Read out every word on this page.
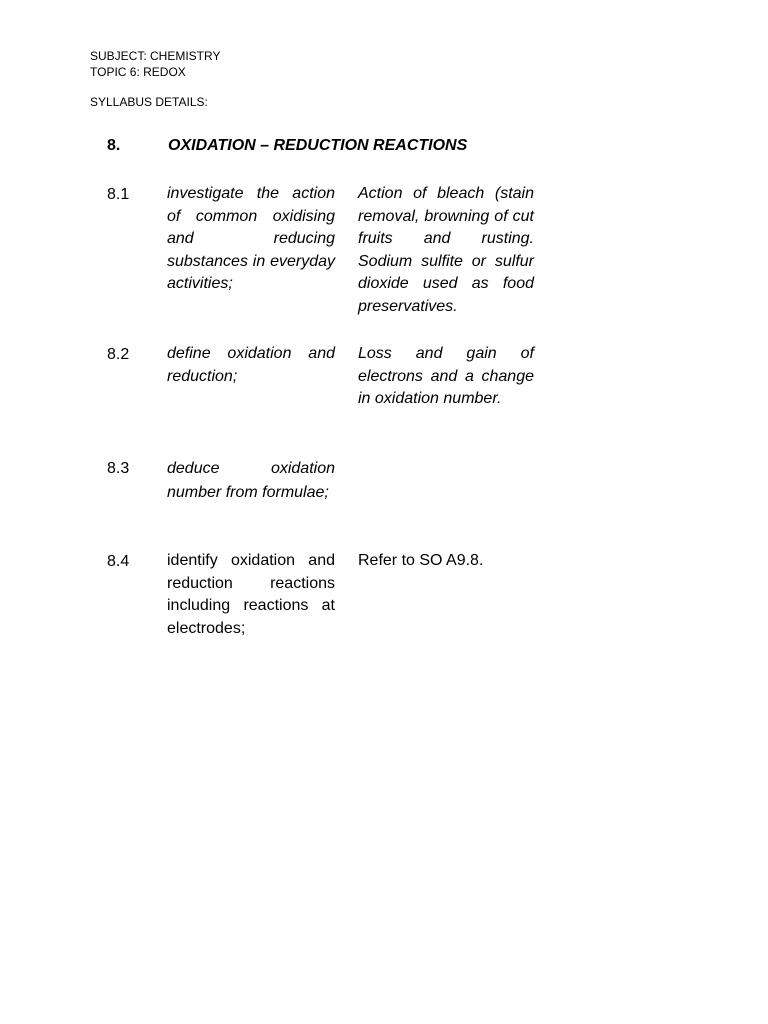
SUBJECT: CHEMISTRY
TOPIC 6: REDOX
SYLLABUS DETAILS:
8.	OXIDATION – REDUCTION REACTIONS
8.1 investigate the action of common oxidising and reducing substances in everyday activities;
Action of bleach (stain removal, browning of cut fruits and rusting. Sodium sulfite or sulfur dioxide used as food preservatives.
8.2 define oxidation and reduction;
Loss and gain of electrons and a change in oxidation number.
8.3 deduce oxidation number from formulae;
8.4 identify oxidation and reduction reactions including reactions at electrodes;
Refer to SO A9.8.
